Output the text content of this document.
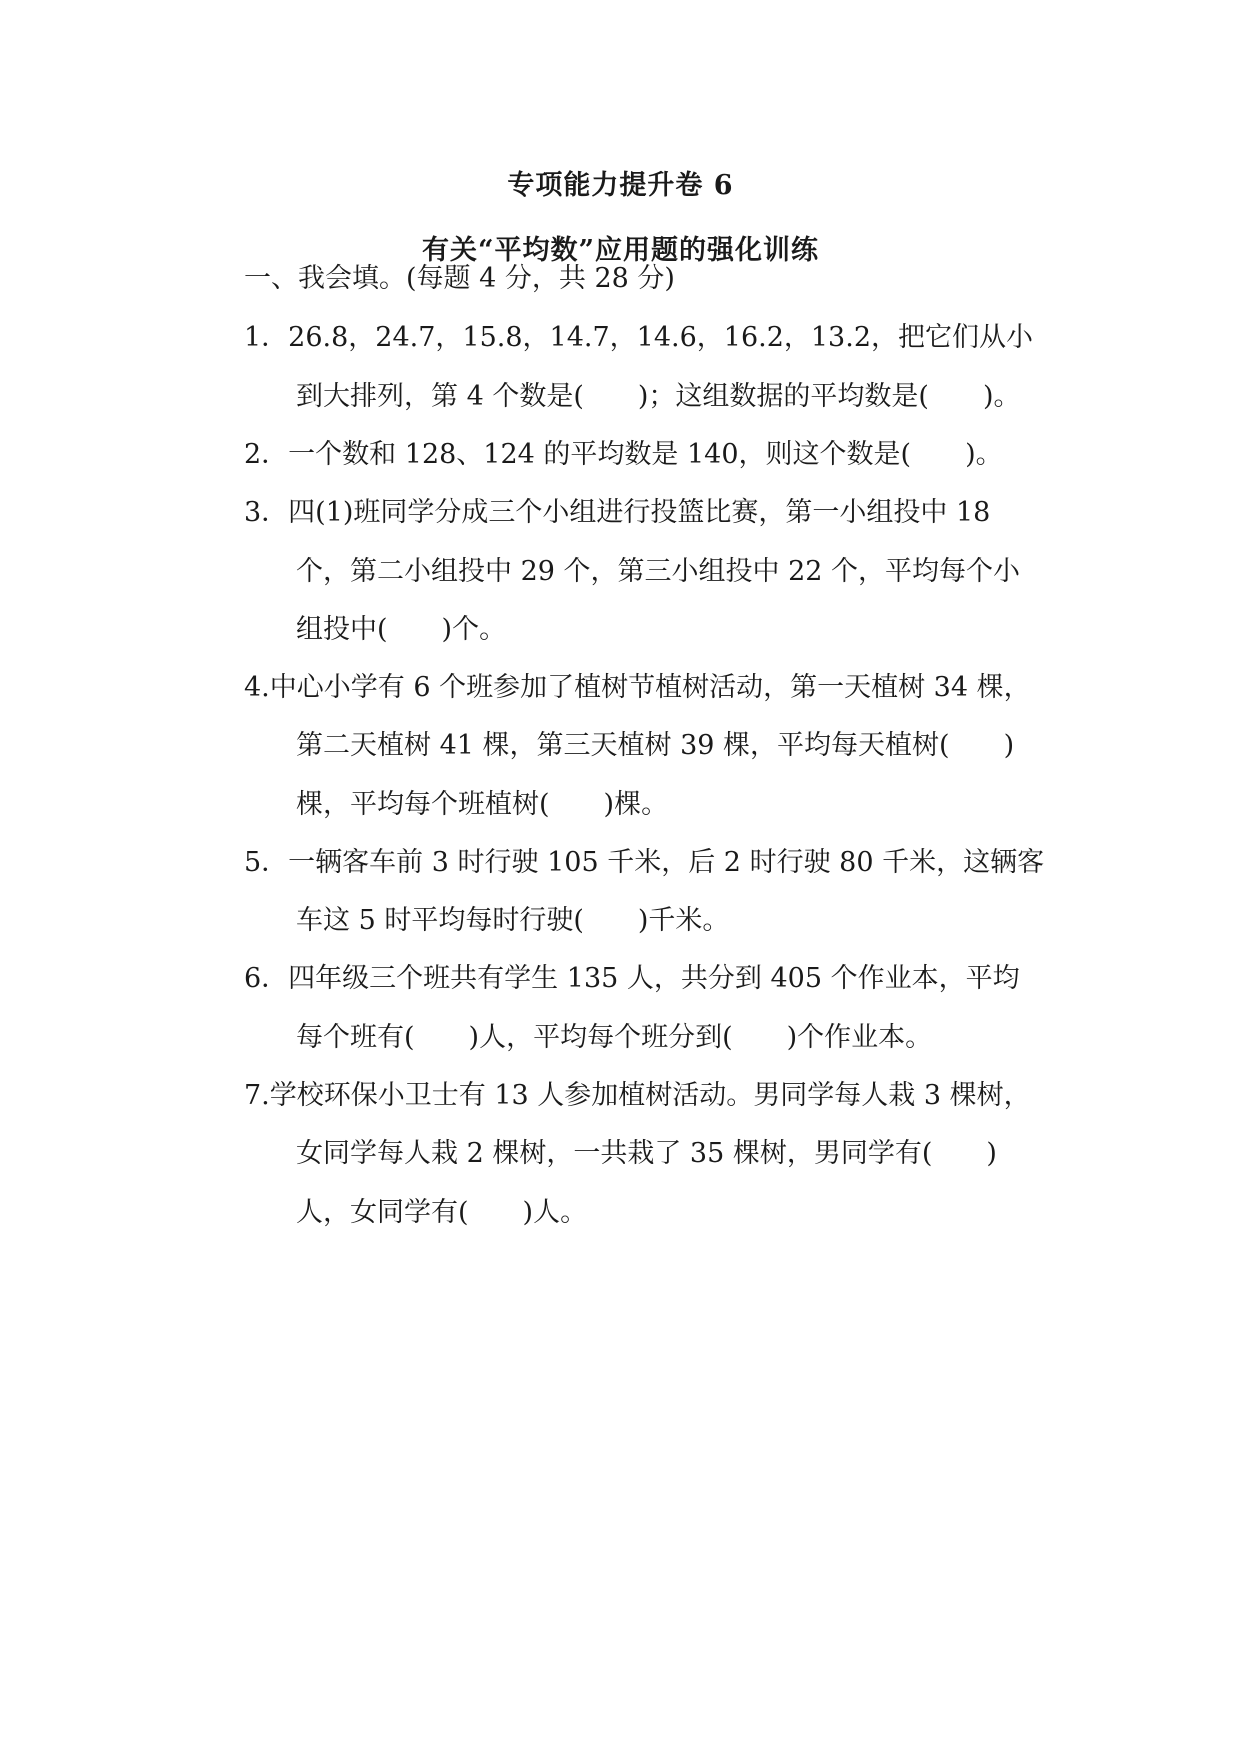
专项能力提升卷 6
有关“平均数”应用题的强化训练
一、我会填。(每题 4 分，共 28 分)
1．26.8，24.7，15.8，14.7，14.6，16.2，13.2，把它们从小
到大排列，第 4 个数是(　　)；这组数据的平均数是(　　)。
2．一个数和 128、124 的平均数是 140，则这个数是(　　)。
3．四(1)班同学分成三个小组进行投篮比赛，第一小组投中 18
个，第二小组投中 29 个，第三小组投中 22 个，平均每个小
组投中(　　)个。
4.中心小学有 6 个班参加了植树节植树活动，第一天植树 34 棵，
第二天植树 41 棵，第三天植树 39 棵，平均每天植树(　　)
棵，平均每个班植树(　　)棵。
5．一辆客车前 3 时行驶 105 千米，后 2 时行驶 80 千米，这辆客
车这 5 时平均每时行驶(　　)千米。
6．四年级三个班共有学生 135 人，共分到 405 个作业本，平均
每个班有(　　)人，平均每个班分到(　　)个作业本。
7.学校环保小卫士有 13 人参加植树活动。男同学每人栽 3 棵树，
女同学每人栽 2 棵树，一共栽了 35 棵树，男同学有(　　)
人，女同学有(　　)人。
